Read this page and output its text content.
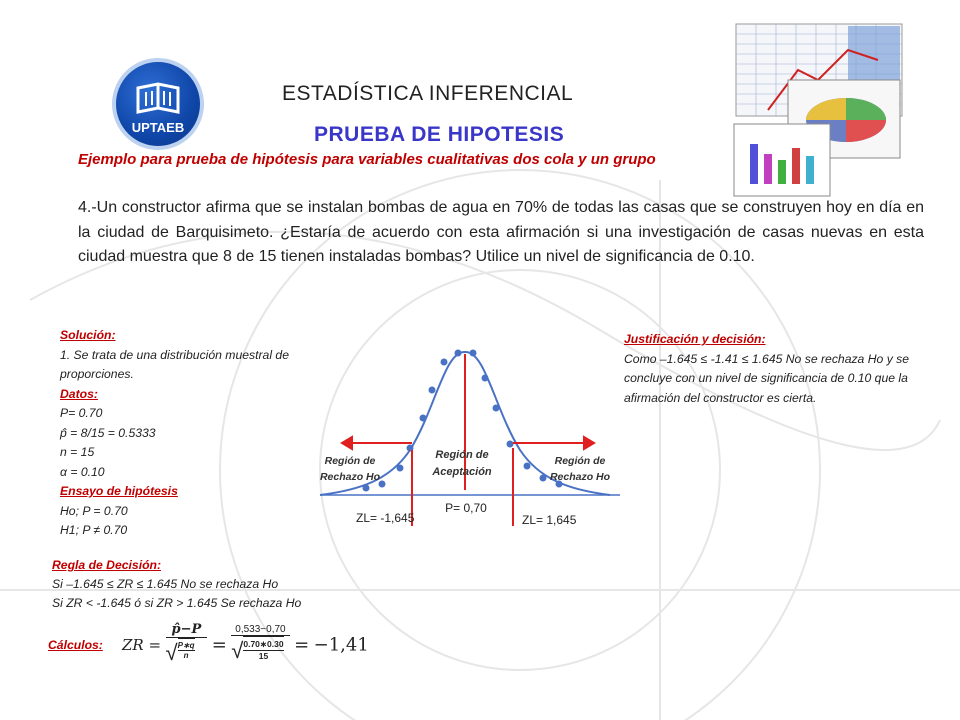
UPTAEB
ESTADÍSTICA INFERENCIAL
PRUEBA DE HIPOTESIS
Ejemplo para prueba de hipótesis para variables cualitativas dos cola y un grupo
4.-Un constructor afirma que se instalan bombas de agua en 70% de todas las casas que se construyen hoy en día en la ciudad de Barquisimeto. ¿Estaría de acuerdo con esta afirmación si una investigación de casas nuevas en esta ciudad muestra que 8 de 15 tienen instaladas bombas? Utilice un nivel de significancia de 0.10.
Solución:
1. Se trata de una distribución muestral de proporciones.
Datos:
P= 0.70
p̂ = 8/15 = 0.5333
n = 15
α = 0.10
Ensayo de hipótesis
Ho; P = 0.70
H1; P ≠ 0.70
Regla de Decisión:
Si –1.645 ≤ ZR ≤ 1.645 No se rechaza Ho
Si ZR < -1.645 ó si ZR > 1.645 Se rechaza Ho
Justificación y decisión:
Como –1.645 ≤ -1.41 ≤ 1.645 No se rechaza Ho y se concluye con un nivel de significancia de 0.10 que la afirmación del constructor es cierta.
Cálculos: ZR = p̂−P
√ P∗q
n = 0,533−0,70
√ 0.70∗0.30
15 = −1,41
Región de
Rechazo Ho
Región de
Aceptación
Región de
Rechazo Ho
ZL= -1,645
P= 0,70
ZL= 1,645
